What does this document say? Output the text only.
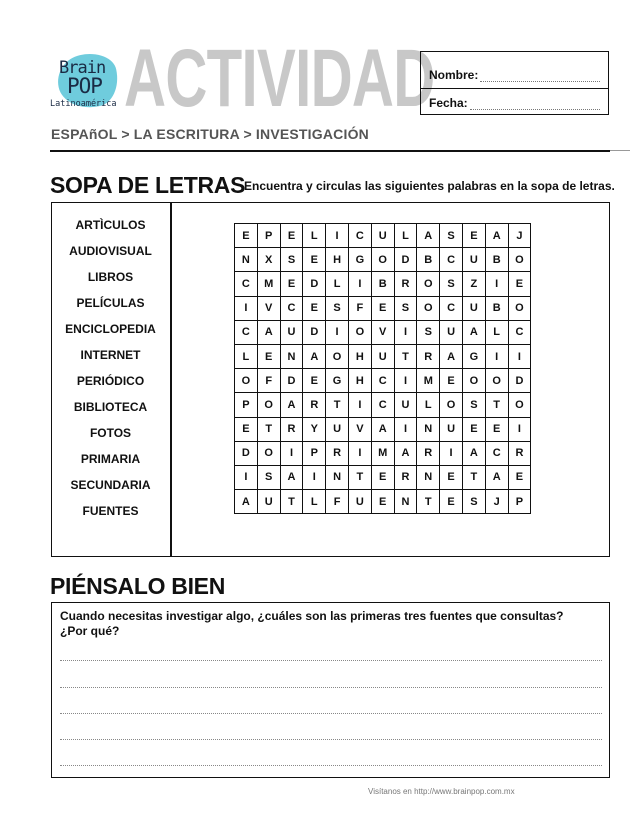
Brain
POP
Latinoamérica ACTIVIDAD
Nombre:
Fecha:
ESPAñOL > LA ESCRITURA > INVESTIGACIÓN
SOPA DE LETRAS
Encuentra y circulas las siguientes palabras en la sopa de letras.
ARTÌCULOS
AUDIOVISUAL
LIBROS
PELÍCULAS
ENCICLOPEDIA
INTERNET
PERIÓDICO
BIBLIOTECA
FOTOS
PRIMARIA
SECUNDARIA
FUENTES
E	P	E	L	I	C	U	L	A	S	E	A	J
N	X	S	E	H	G	O	D	B	C	U	B	O
C	M	E	D	L	I	B	R	O	S	Z	I	E
I	V	C	E	S	F	E	S	O	C	U	B	O
C	A	U	D	I	O	V	I	S	U	A	L	C
L	E	N	A	O	H	U	T	R	A	G	I	I
O	F	D	E	G	H	C	I	M	E	O	O	D
P	O	A	R	T	I	C	U	L	O	S	T	O
E	T	R	Y	U	V	A	I	N	U	E	E	I
D	O	I	P	R	I	M	A	R	I	A	C	R
I	S	A	I	N	T	E	R	N	E	T	A	E
A	U	T	L	F	U	E	N	T	E	S	J	P
PIÉNSALO BIEN
Cuando necesitas investigar algo, ¿cuáles son las primeras tres fuentes que consultas?
¿Por qué?
Visítanos en http://www.brainpop.com.mx
